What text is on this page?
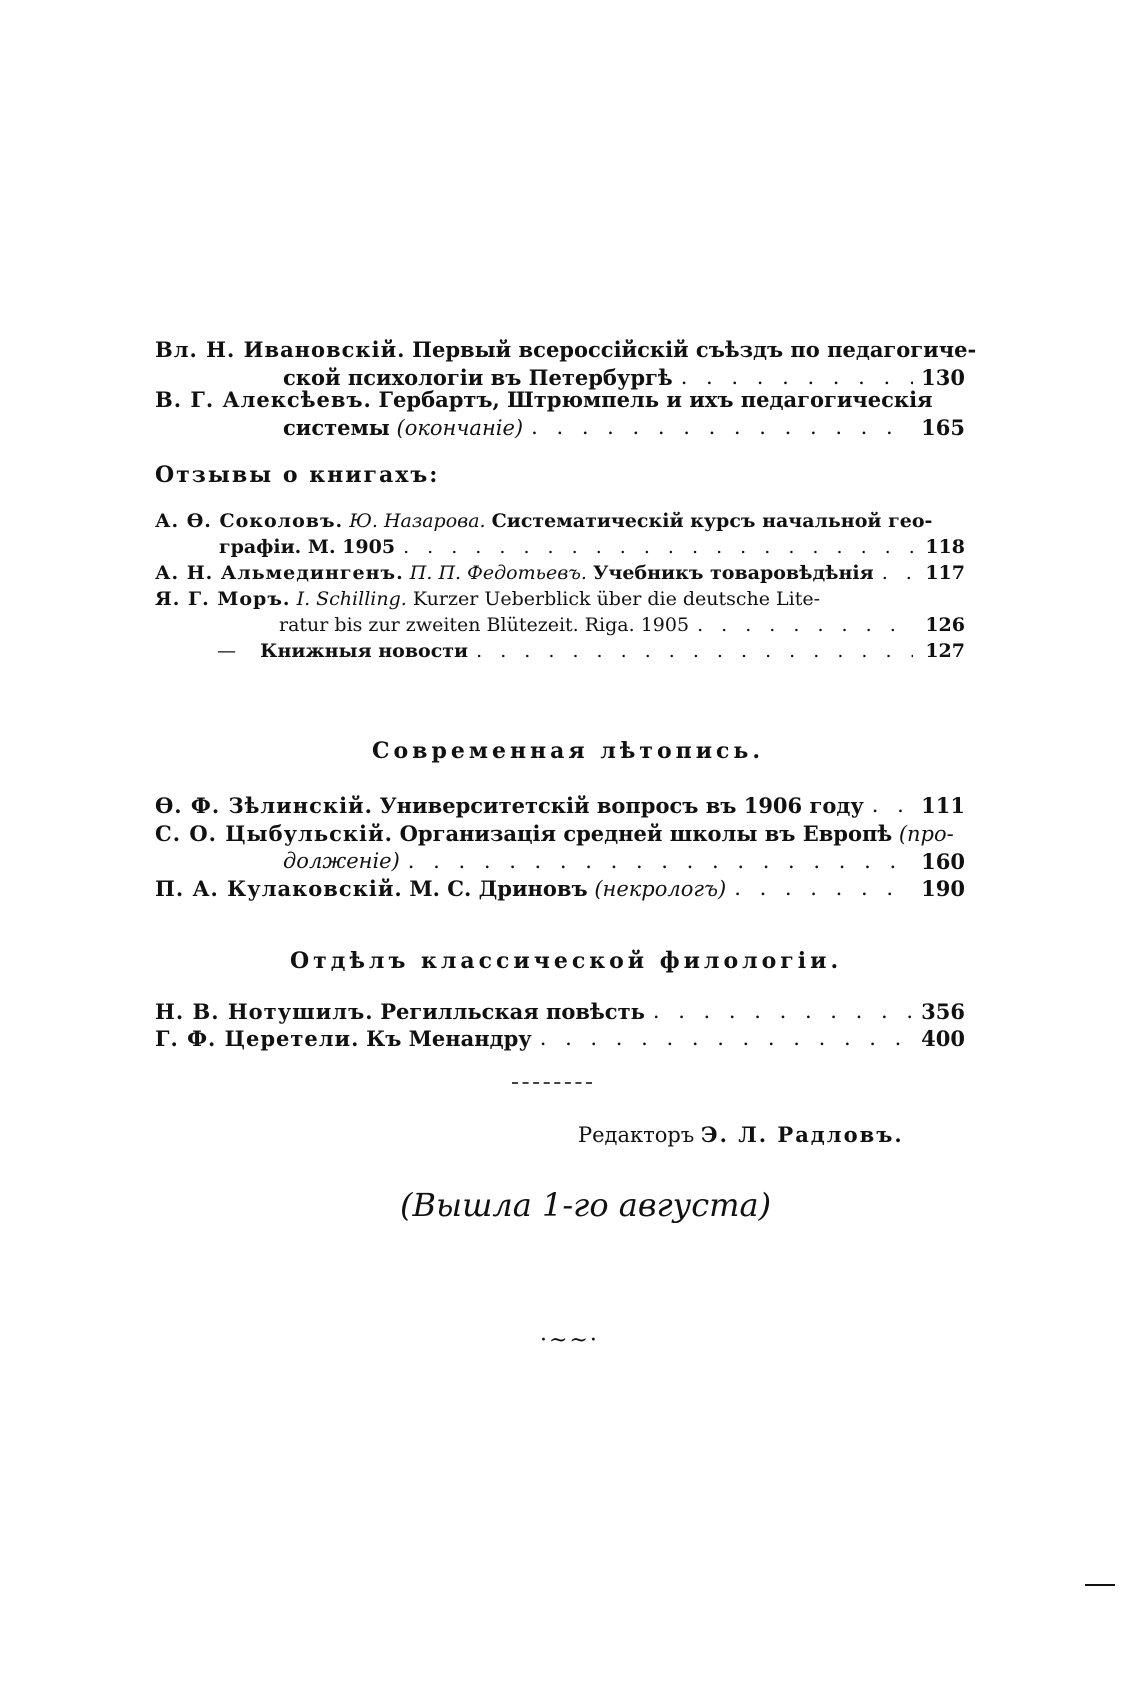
Вл. Н. Ивановскій. Первый всероссійскій съѣздъ по педагогиче-
ской психологіи въ Петербургѣ . . .	130
В. Г. Алексѣевъ. Гербартъ, Штрюмпель и ихъ педагогическія
системы (окончаніе) . . .	165
Отзывы о книгахъ:
А. Ө. Соколовъ. Ю. Назарова. Систематическій курсъ начальной гео-
графіи. М. 1905 . . .	118
А. Н. Альмедингенъ. П. П. Федотьевъ. Учебникъ товаровѣдѣнія . . .	117
Я. Г. Моръ. I. Schilling. Kurzer Ueberblick über die deutsche Lite-
ratur bis zur zweiten Blütezeit. Riga. 1905 . . .	126
— Книжныя новости . . .	127
Современная лѣтопись.
Ө. Ф. Зѣлинскій. Университетскій вопросъ въ 1906 году . . .	111
С. О. Цыбульскій. Организація средней школы въ Европѣ (про-
долженіе) . . .	160
П. А. Кулаковскій. М. С. Дриновъ (некрологъ) . . .	190
Отдѣлъ классической филологіи.
Н. В. Нотушилъ. Регилльская повѣсть . . .	356
Г. Ф. Церетели. Къ Менандру . . .	400
Редакторъ Э. Л. Радловъ.
(Вышла 1-го августа)
·~~·
